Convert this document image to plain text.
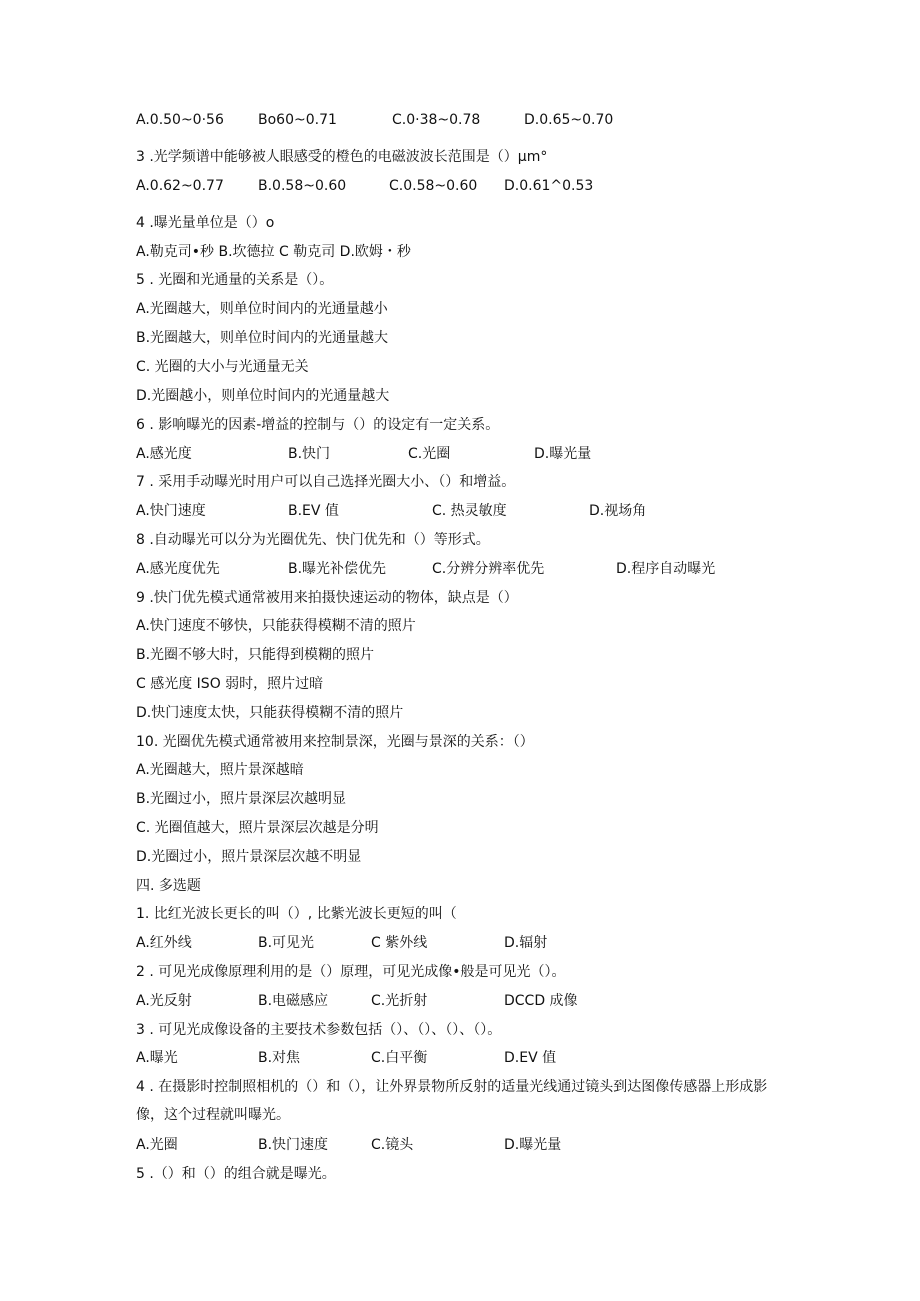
A.0.50~0·56 Bo60~0.71	C.0·38~0.78	D.0.65~0.70
3 .光学频谱中能够被人眼感受的橙色的电磁波波长范围是（）μm°
A.0.62~0.77 B.0.58~0.60	C.0.58~0.60 D.0.61^0.53
4 .曝光量单位是（）o
A.勒克司•秒 B.坎德拉 C 勒克司 D.欧姆・秒
5 . 光圈和光通量的关系是（）。
A.光圈越大，则单位时间内的光通量越小
B.光圈越大，则单位时间内的光通量越大
C. 光圈的大小与光通量无关
D.光圈越小，则单位时间内的光通量越大
6 . 影响曝光的因素-增益的控制与（）的设定有一定关系。
A.感光度	B.快门	C.光圈	D.曝光量
7 . 采用手动曝光时用户可以自己选择光圈大小、（）和增益。
A.快门速度	B.EV 值	C. 热灵敏度	D.视场角
8 .自动曝光可以分为光圈优先、快门优先和（）等形式。
A.感光度优先	B.曝光补偿优先	C.分辨分辨率优先	D.程序自动曝光
9 .快门优先模式通常被用来拍摄快速运动的物体，缺点是（）
A.快门速度不够快，只能获得模糊不清的照片
B.光圈不够大时，只能得到模糊的照片
C 感光度 ISO 弱时，照片过暗
D.快门速度太快，只能获得模糊不清的照片
10. 光圈优先模式通常被用来控制景深，光圈与景深的关系：（）
A.光圈越大，照片景深越暗
B.光圈过小，照片景深层次越明显
C. 光圈值越大，照片景深层次越是分明
D.光圈过小，照片景深层次越不明显
四. 多选题
1. 比红光波长更长的叫（）, 比紫光波长更短的叫（
A.红外线	B.可见光	C 紫外线	D.辐射
2 . 可见光成像原理利用的是（）原理，可见光成像•般是可见光（）。
A.光反射	B.电磁感应	C.光折射	DCCD 成像
3 . 可见光成像设备的主要技术参数包括（）、（）、（）、（）。
A.曝光	B.对焦	C.白平衡	D.EV 值
4 . 在摄影时控制照相机的（）和（），让外界景物所反射的适量光线通过镜头到达图像传感器上形成影像，这个过程就叫曝光。
A.光圈	B.快门速度	C.镜头	D.曝光量
5 .（）和（）的组合就是曝光。
